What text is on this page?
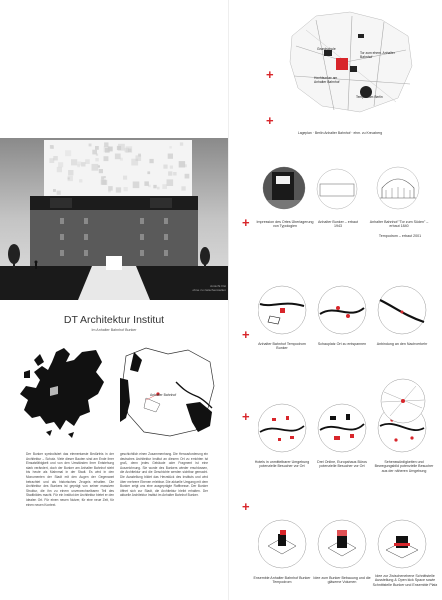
Ansicht Ost
ohne zu zwischenstellen
DT Architektur Institut
Im Anhalter Bahnhof Bunker
Anhalter Bahnhof
Der Bunker symbolisiert das elementarste Bedürfnis in der Architektur – Schutz. Viele dieser Bauten sind am Ende ihrer Einsatzfähigkeit und von den Umständen ihrer Entstehung stark verändert, doch der Bunker am Anhalter Bahnhof steht bis heute als Mahnmal in der Stadt. Es wird in den Monumenten der Stadt mit den Augen der Gegenwart betrachtet und als historisches Zeugnis erhalten. Die Architektur des Bunkers ist geprägt von seiner massiven Struktur, die ihn zu einem unverwechselbaren Teil des Stadtbildes macht. Für ein Institut der Architektur bietet er den idealen Ort. Für einen neuen Nutzer, für eine neue Zeit, für einen neuen Kontext.
geschichtlich einen Zusammenhang. Die Herausforderung ein deutsches Architektur Institut an diesem Ort zu errichten ist groß, denn jedes Gebäude oder Fragment ist eine Auszeichnung. Sie wurde des Bunkers wieder erschlossen, die Architektur und die Geschichte werden sichtbar gemacht. Die Ausstellung bildet das Herzstück des Instituts und wird über mehrere Ebenen erlebbar. Die aktuelle Umgang mit dem Bunker zeigt uns eine ausgeprägte Raffinesse. Der Bunker öffnet sich zur Stadt, die Architektur bleibt erhalten. Der aktuelle Architektur Institut im Anhalter Bahnhof Bunker.
+
+
+
+
+
+
Grundschule
Tor zum ehem. Anhalter Bahnhof
Hochbunker am Anhalter Bahnhof
Tempodrom Berlin
Lageplan · Berlin Anhalter Bahnhof · ehm. zu Kreuzberg
Impression des Ortes Überlagerung von Typologien
Anhalter Bunker – erbaut 1943
Anhalter Bahnhof "Tor zum Süden" – erbaut 1840
Tempodrom – erbaut 2001
Anhalter Bahnhof Tempodrom Bunker
Schauplatz Ort zu entspannen	Anbindung an den Nachverkehr
Hotels in unmittelbarer Umgebung potenzielle Besucher vor Ort
Drei Online, Europahaus Büros potenzielle Besucher vor Ort
Sehenswürdigkeiten und Bewegungsbild potenzielle Besucher aus der näheren Umgebung
Ensemble Anhalter Bahnhof Bunker Tempodrom
Idee zum Bunker Bebauung und die gläserne Volumen
Idee zur Zwischenebene Schnittstelle Ausstellung & Open kick Space sowie Schnittstelle Bunker und Ensemble Platz
